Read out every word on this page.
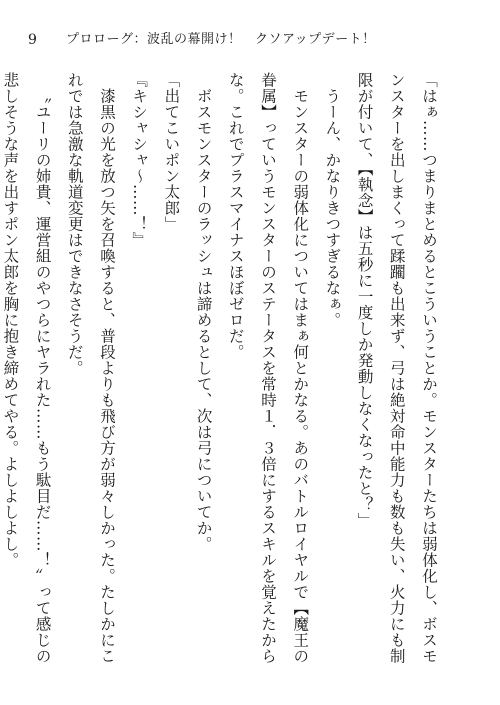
9 プロローグ：波乱の幕開け！　クソアップデート！

「はぁ……つまりまとめるとこういうことか。モンスターたちは弱体化し、ボスモンスターを出しまくって蹂躙も出来ず、弓は絶対命中能力も数も失い、火力にも制限が付いて、【執念】は五秒に一度しか発動しなくなったと？」

うーん、かなりきつすぎるなぁ。

モンスターの弱体化についてはまぁ何とかなる。あのバトルロイヤルで【魔王の眷属】っていうモンスターのステータスを常時１．３倍にするスキルを覚えたからな。これでプラスマイナスほぼゼロだ。

ボスモンスターのラッシュは諦めるとして、次は弓についてか。

「出てこいポン太郎」

『キシャシャ～……！』

漆黒の光を放つ矢を召喚すると、普段よりも飛び方が弱々しかった。たしかにこれでは急激な軌道変更はできなさそうだ。

〝ユーリの姉貴、運営組のやつらにヤラれた……もう駄目だ……！〟って感じの悲しそうな声を出すポン太郎を胸に抱き締めてやる。よしよしよし。
